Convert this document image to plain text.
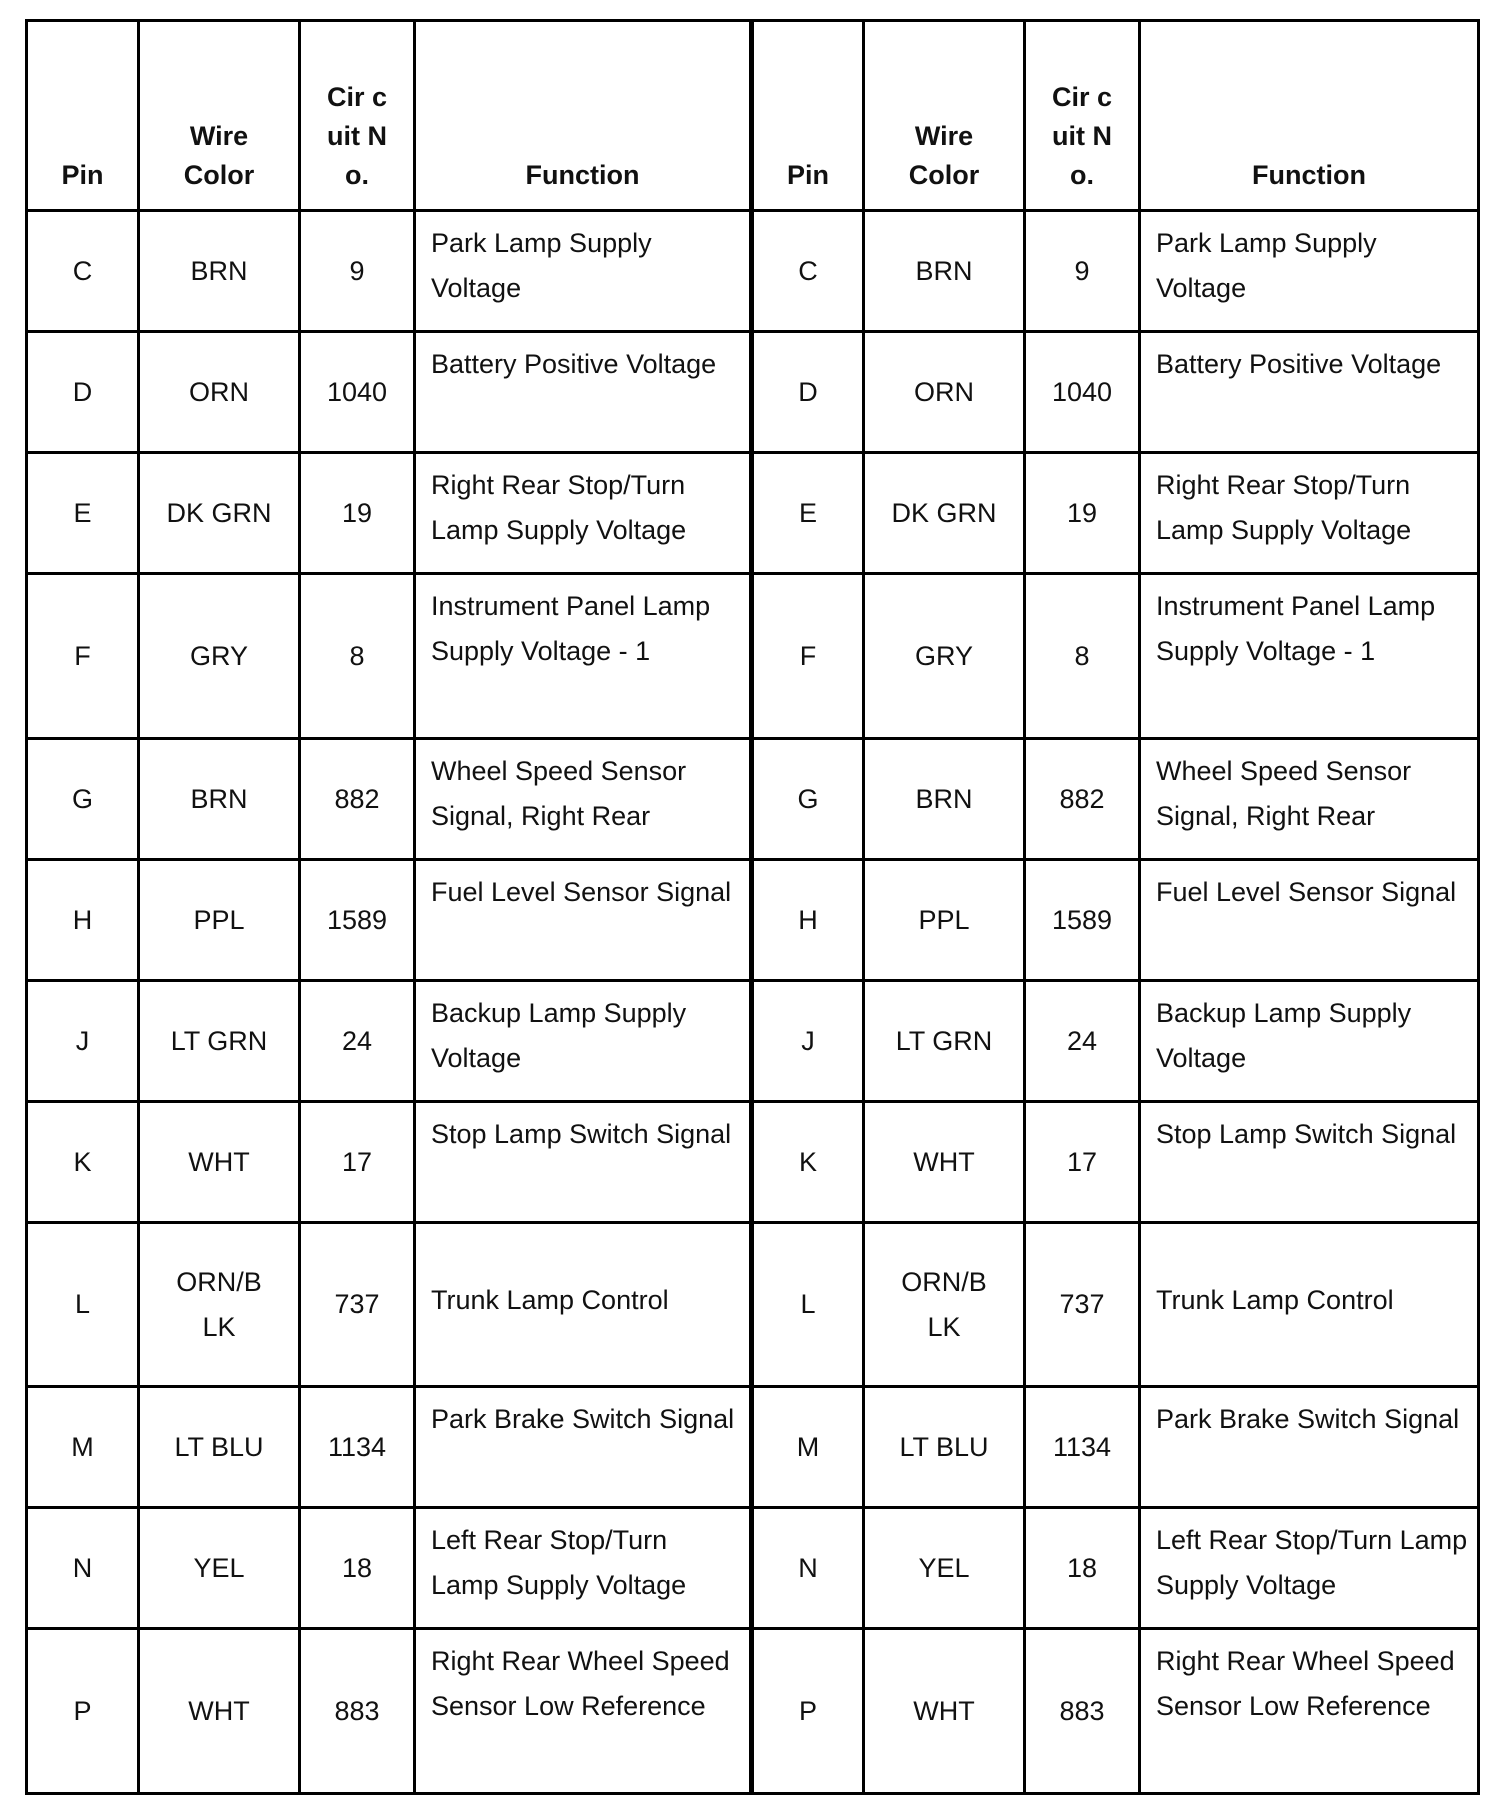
Pin	Wire Color	Cir cuit No.	Function	Pin	Wire Color	Cir cuit No.	Function
C	BRN	9	Park Lamp Supply Voltage	C	BRN	9	Park Lamp Supply Voltage
D	ORN	1040	Battery Positive Voltage	D	ORN	1040	Battery Positive Voltage
E	DK GRN	19	Right Rear Stop/Turn Lamp Supply Voltage	E	DK GRN	19	Right Rear Stop/Turn Lamp Supply Voltage
F	GRY	8	Instrument Panel Lamp Supply Voltage - 1	F	GRY	8	Instrument Panel Lamp Supply Voltage - 1
G	BRN	882	Wheel Speed Sensor Signal, Right Rear	G	BRN	882	Wheel Speed Sensor Signal, Right Rear
H	PPL	1589	Fuel Level Sensor Signal	H	PPL	1589	Fuel Level Sensor Signal
J	LT GRN	24	Backup Lamp Supply Voltage	J	LT GRN	24	Backup Lamp Supply Voltage
K	WHT	17	Stop Lamp Switch Signal	K	WHT	17	Stop Lamp Switch Signal
L	ORN/BLK	737	Trunk Lamp Control	L	ORN/BLK	737	Trunk Lamp Control
M	LT BLU	1134	Park Brake Switch Signal	M	LT BLU	1134	Park Brake Switch Signal
N	YEL	18	Left Rear Stop/Turn Lamp Supply Voltage	N	YEL	18	Left Rear Stop/Turn Lamp Supply Voltage
P	WHT	883	Right Rear Wheel Speed Sensor Low Reference	P	WHT	883	Right Rear Wheel Speed Sensor Low Reference
